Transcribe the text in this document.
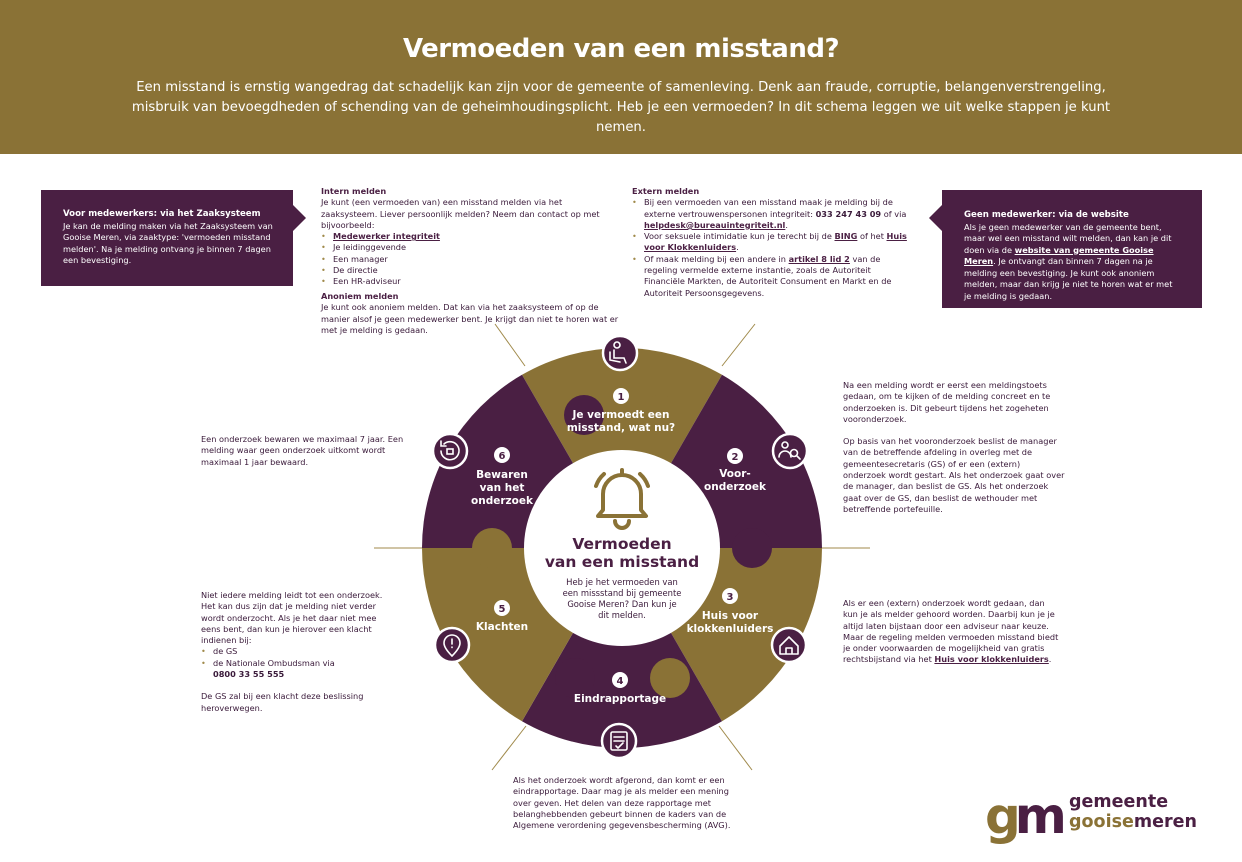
Vermoeden van een misstand?

Een misstand is ernstig wangedrag dat schadelijk kan zijn voor de gemeente of samenleving. Denk aan fraude, corruptie, belangenverstrengeling, misbruik van bevoegdheden of schending van de geheimhoudingsplicht. Heb je een vermoeden? In dit schema leggen we uit welke stappen je kunt nemen.

Voor medewerkers: via het Zaaksysteem
Je kan de melding maken via het Zaaksysteem van Gooise Meren, via zaaktype: 'vermoeden misstand melden'. Na je melding ontvang je binnen 7 dagen een bevestiging.
Geen medewerker: via de website
Als je geen medewerker van de gemeente bent, maar wel een misstand wilt melden, dan kan je dit doen via de website van gemeente Gooise Meren. Je ontvangt dan binnen 7 dagen na je melding een bevestiging. Je kunt ook anoniem melden, maar dan krijg je niet te horen wat er met je melding is gedaan.
Intern melden
Je kunt (een vermoeden van) een misstand melden via het zaaksysteem. Liever persoonlijk melden? Neem dan contact op met bijvoorbeeld:
• Medewerker integriteit
• Je leidinggevende
• Een manager
• De directie
• Een HR-adviseur
Anoniem melden
Je kunt ook anoniem melden. Dat kan via het zaaksysteem of op de manier alsof je geen medewerker bent. Je krijgt dan niet te horen wat er met je melding is gedaan.
Extern melden
• Bij een vermoeden van een misstand maak je melding bij de externe vertrouwenspersonen integriteit: 033 247 43 09 of via helpdesk@bureauintegriteit.nl.
• Voor seksuele intimidatie kun je terecht bij de BING of het Huis voor Klokkenluiders.
• Of maak melding bij een andere in artikel 8 lid 2 van de regeling vermelde externe instantie, zoals de Autoriteit Financiële Markten, de Autoriteit Consument en Markt en de Autoriteit Persoonsgegevens.
Na een melding wordt er eerst een meldingstoets gedaan, om te kijken of de melding concreet en te onderzoeken is. Dit gebeurt tijdens het zogeheten vooronderzoek.
Op basis van het vooronderzoek beslist de manager van de betreffende afdeling in overleg met de gemeentesecretaris (GS) of er een (extern) onderzoek wordt gestart. Als het onderzoek gaat over de manager, dan beslist de GS. Als het onderzoek gaat over de GS, dan beslist de wethouder met betreffende portefeuille.
Als er een (extern) onderzoek wordt gedaan, dan kun je als melder gehoord worden. Daarbij kun je je altijd laten bijstaan door een adviseur naar keuze. Maar de regeling melden vermoeden misstand biedt je onder voorwaarden de mogelijkheid van gratis rechtsbijstand via het Huis voor klokkenluiders.
Als het onderzoek wordt afgerond, dan komt er een eindrapportage. Daar mag je als melder een mening over geven. Het delen van deze rapportage met belanghebbenden gebeurt binnen de kaders van de Algemene verordening gegevensbescherming (AVG).
Niet iedere melding leidt tot een onderzoek. Het kan dus zijn dat je melding niet verder wordt onderzocht. Als je het daar niet mee eens bent, dan kun je hierover een klacht indienen bij:
• de GS
• de Nationale Ombudsman via
0800 33 55 555
De GS zal bij een klacht deze beslissing heroverwegen.
Een onderzoek bewaren we maximaal 7 jaar. Een melding waar geen onderzoek uitkomt wordt maximaal 1 jaar bewaard.
Vermoeden
van een misstand
Heb je het vermoeden van
een missstand bij gemeente
Gooise Meren? Dan kun je
dit melden.
1
2
3
4
5
6
Je vermoedt een
misstand, wat nu?
Voor-
onderzoek
Huis voor
klokkenluiders
Eindrapportage
Klachten
Bewaren
van het
onderzoek
gm gemeente
gooisemeren
